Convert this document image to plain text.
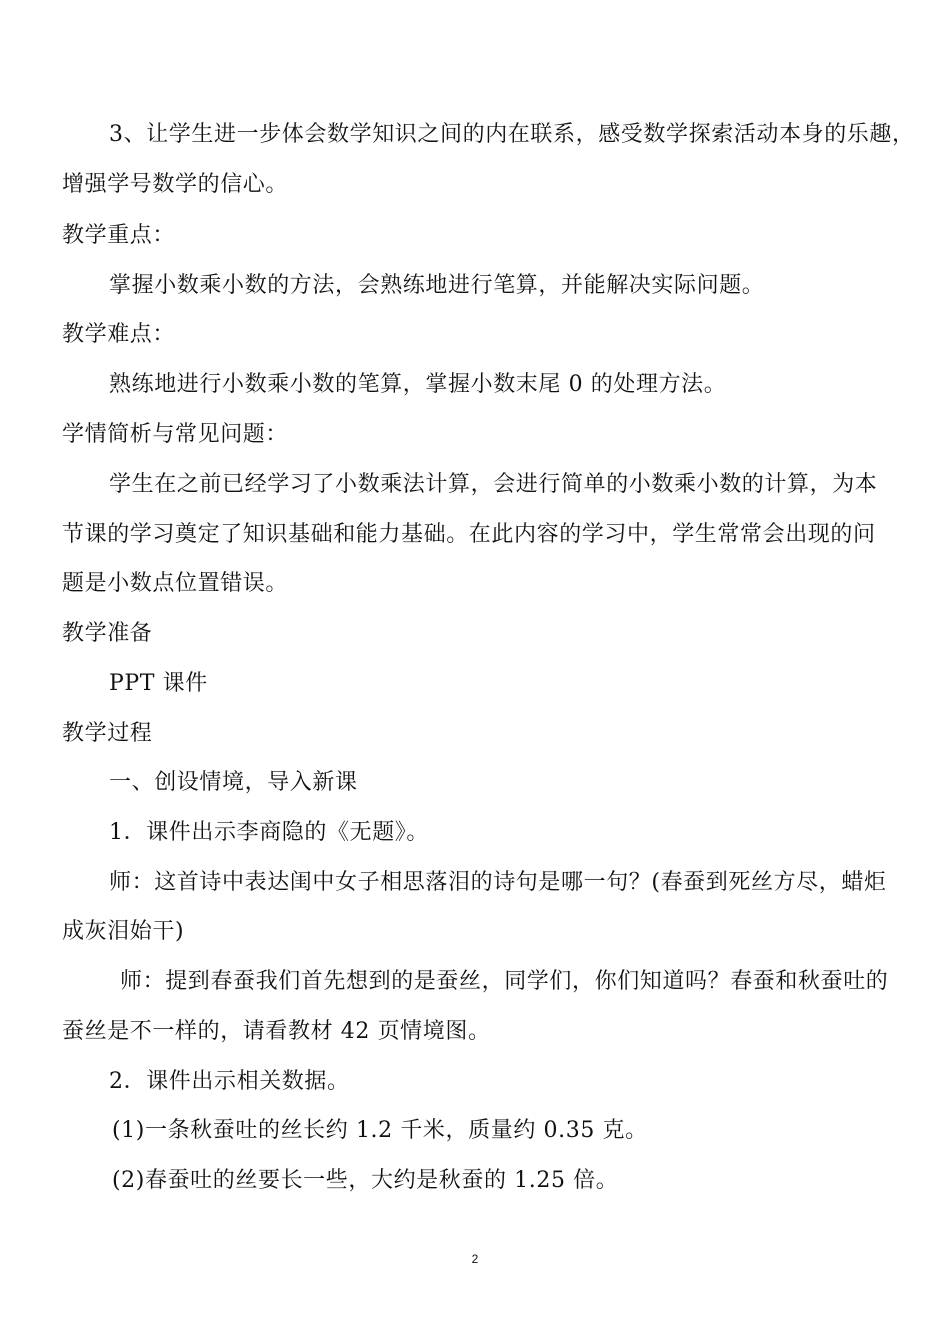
3、让学生进一步体会数学知识之间的内在联系，感受数学探索活动本身的乐趣，
增强学号数学的信心。
教学重点：
掌握小数乘小数的方法，会熟练地进行笔算，并能解决实际问题。
教学难点：
熟练地进行小数乘小数的笔算，掌握小数末尾 0 的处理方法。
学情简析与常见问题：
学生在之前已经学习了小数乘法计算，会进行简单的小数乘小数的计算，为本
节课的学习奠定了知识基础和能力基础。在此内容的学习中，学生常常会出现的问
题是小数点位置错误。
教学准备
PPT 课件
教学过程
一、创设情境，导入新课
1．课件出示李商隐的《无题》。
师：这首诗中表达闺中女子相思落泪的诗句是哪一句？(春蚕到死丝方尽，蜡炬
成灰泪始干)
师：提到春蚕我们首先想到的是蚕丝，同学们，你们知道吗？春蚕和秋蚕吐的
蚕丝是不一样的，请看教材 42 页情境图。
2．课件出示相关数据。
(1)一条秋蚕吐的丝长约 1.2 千米，质量约 0.35 克。
(2)春蚕吐的丝要长一些，大约是秋蚕的 1.25 倍。
2
